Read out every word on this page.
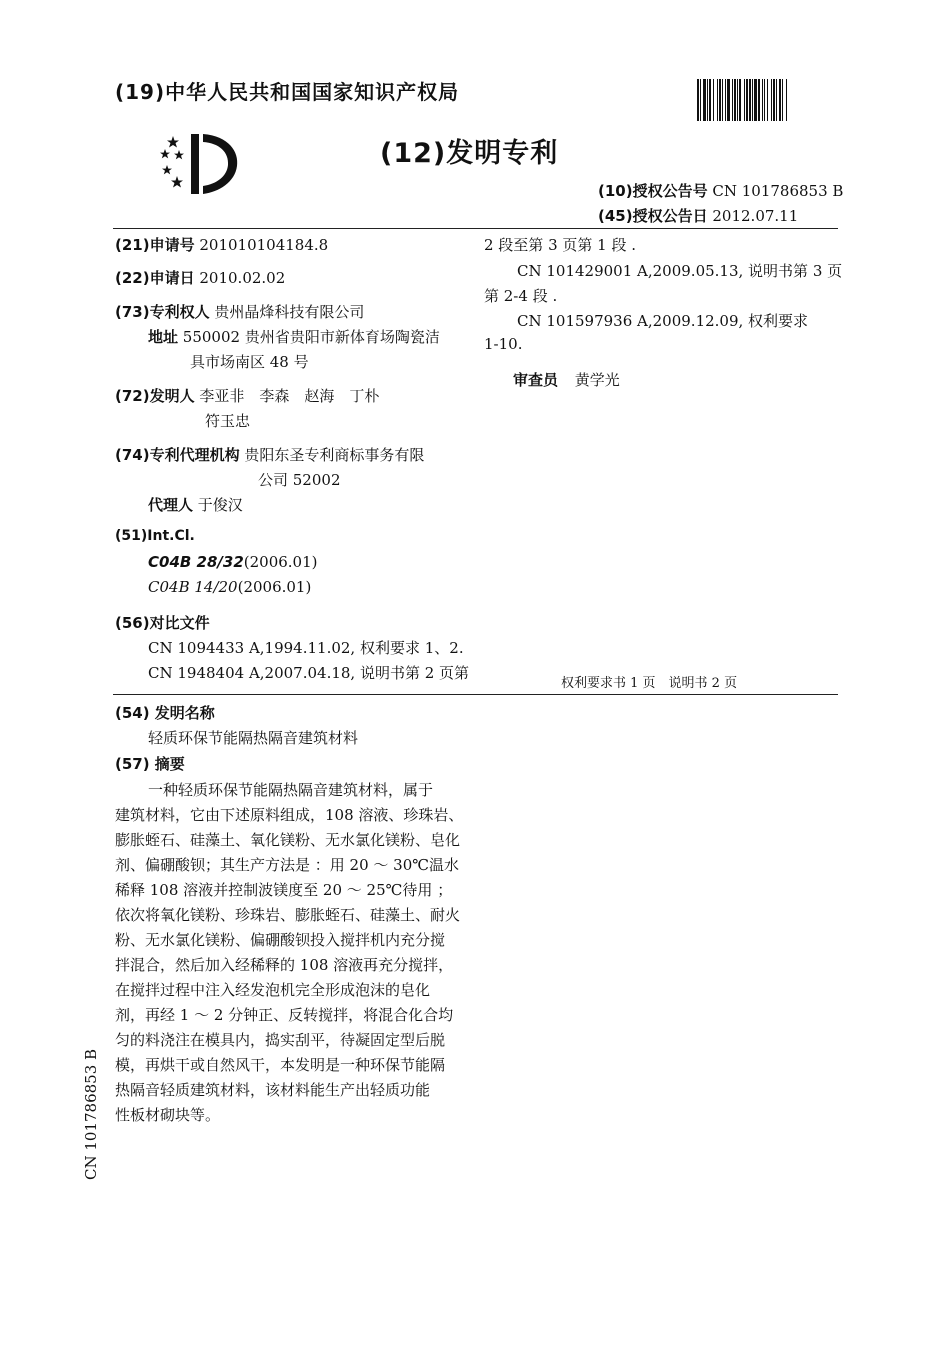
(19)中华人民共和国国家知识产权局
(12)发明专利
(10)授权公告号 CN 101786853 B
(45)授权公告日 2012.07.11
(21)申请号 201010104184.8
(22)申请日 2010.02.02
(73)专利权人 贵州晶烽科技有限公司
地址 550002 贵州省贵阳市新体育场陶瓷洁
具市场南区 48 号
(72)发明人 李亚非　李森　赵海　丁朴
符玉忠
(74)专利代理机构 贵阳东圣专利商标事务有限
公司 52002
代理人 于俊汉
(51)Int.Cl.
C04B 28/32(2006.01)
C04B 14/20(2006.01)
(56)对比文件
CN 1094433 A,1994.11.02, 权利要求 1、2.
CN 1948404 A,2007.04.18, 说明书第 2 页第
2 段至第 3 页第 1 段 .
CN 101429001 A,2009.05.13, 说明书第 3 页
第 2-4 段 .
CN 101597936 A,2009.12.09, 权利要求
1-10.
审查员 黄学光
权利要求书 1 页　说明书 2 页
(54) 发明名称
轻质环保节能隔热隔音建筑材料
(57) 摘要
一种轻质环保节能隔热隔音建筑材料，属于
建筑材料，它由下述原料组成，108 溶液、珍珠岩、
膨胀蛭石、硅藻土、氧化镁粉、无水氯化镁粉、皂化
剂、偏硼酸钡；其生产方法是 ：用 20 ～ 30℃温水
稀释 108 溶液并控制波镁度至 20 ～ 25℃待用 ；
依次将氧化镁粉、珍珠岩、膨胀蛭石、硅藻土、耐火
粉、无水氯化镁粉、偏硼酸钡投入搅拌机内充分搅
拌混合，然后加入经稀释的 108 溶液再充分搅拌，
在搅拌过程中注入经发泡机完全形成泡沫的皂化
剂，再经 1 ～ 2 分钟正、反转搅拌，将混合化合均
匀的料浇注在模具内，捣实刮平，待凝固定型后脱
模，再烘干或自然风干，本发明是一种环保节能隔
热隔音轻质建筑材料，该材料能生产出轻质功能
性板材砌块等。
CN 101786853 B
